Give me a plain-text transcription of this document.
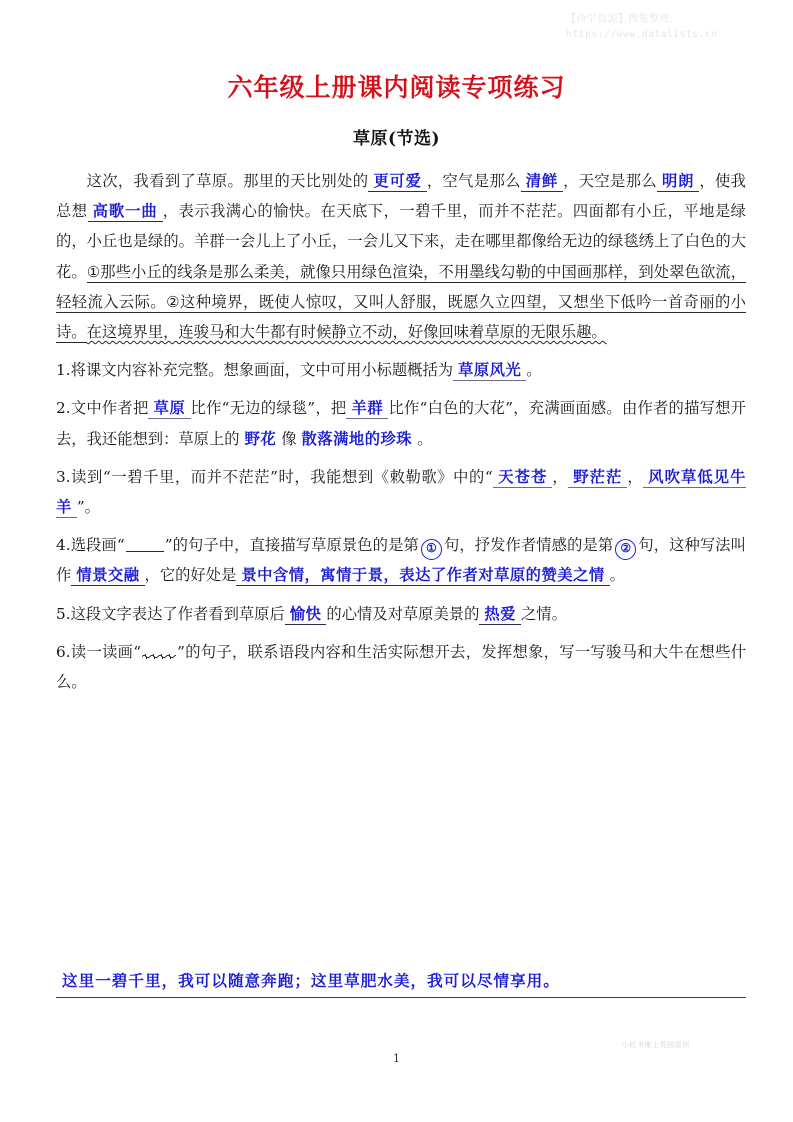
【尚学资源】搜集整理:
https://www.datalists.cn
六年级上册课内阅读专项练习
草原(节选)

这次，我看到了草原。那里的天比别处的 更可爱 ，空气是那么 清鲜 ，天空是那么 明朗 ，使我总想 高歌一曲 ，表示我满心的愉快。在天底下，一碧千里，而并不茫茫。四面都有小丘，平地是绿的，小丘也是绿的。羊群一会儿上了小丘，一会儿又下来，走在哪里都像给无边的绿毯绣上了白色的大花。①那些小丘的线条是那么柔美，就像只用绿色渲染，不用墨线勾勒的中国画那样，到处翠色欲流，轻轻流入云际。②这种境界，既使人惊叹，又叫人舒服，既愿久立四望，又想坐下低吟一首奇丽的小诗。在这境界里，连骏马和大牛都有时候静立不动，好像回味着草原的无限乐趣。

1.将课文内容补充完整。想象画面，文中可用小标题概括为 草原风光 。

2.文中作者把 草原 比作“无边的绿毯”，把 羊群 比作“白色的大花”，充满画面感。由作者的描写想开去，我还能想到：草原上的 野花 像 散落满地的珍珠 。

3.读到“一碧千里，而并不茫茫”时，我能想到《敕勒歌》中的“ 天苍苍 ， 野茫茫 ， 风吹草低见牛羊 ”。

4.选段画“	”的句子中，直接描写草原景色的是第 ① 句，抒发作者情感的是第 ② 句，这种写法叫作 情景交融 ，它的好处是 景中含情，寓情于景，表达了作者对草原的赞美之情 。

5.这段文字表达了作者看到草原后 愉快 的心情及对草原美景的 热爱 之情。

6.读一读画“ ”的句子，联系语段内容和生活实际想开去，发挥想象，写一写骏马和大牛在想些什么。

这里一碧千里，我可以随意奔跑；这里草肥水美，我可以尽情享用。
1
小红书账上荒园原创
